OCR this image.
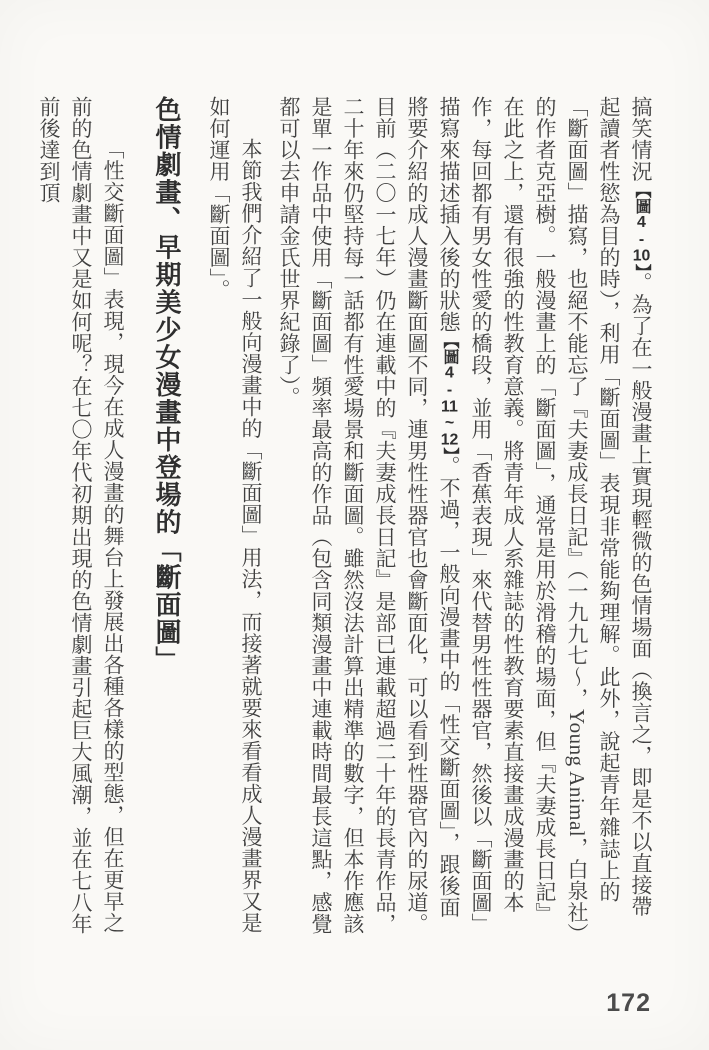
搞笑情況【圖4-10】。為了在一般漫畫上實現輕微的色情場面（換言之，即是不以直接帶起讀者性慾為目的時），利用「斷面圖」表現非常能夠理解。此外，說起青年雜誌上的「斷面圖」描寫，也絕不能忘了『夫妻成長日記』（一九九七～，Young Animal，白泉社）的作者克亞樹。一般漫畫上的「斷面圖」，通常是用於滑稽的場面，但『夫妻成長日記』在此之上，還有很強的性教育意義。將青年成人系雜誌的性教育要素直接畫成漫畫的本作，每回都有男女性愛的橋段，並用「香蕉表現」來代替男性性器官，然後以「斷面圖」描寫來描述插入後的狀態【圖4-11~12】。不過，一般向漫畫中的「性交斷面圖」，跟後面將要介紹的成人漫畫斷面圖不同，連男性性器官也會斷面化，可以看到性器官內的尿道。目前（二〇一七年）仍在連載中的『夫妻成長日記』是部已連載超過二十年的長青作品，二十年來仍堅持每一話都有性愛場景和斷面圖。雖然沒法計算出精準的數字，但本作應該是單一作品中使用「斷面圖」頻率最高的作品（包含同類漫畫中連載時間最長這點，感覺都可以去申請金氏世界紀錄了）。

本節我們介紹了一般向漫畫中的「斷面圖」用法，而接著就要來看看成人漫畫界又是如何運用「斷面圖」。

色情劇畫、早期美少女漫畫中登場的「斷面圖」

「性交斷面圖」表現，現今在成人漫畫的舞台上發展出各種各樣的型態，但在更早之前的色情劇畫中又是如何呢？在七〇年代初期出現的色情劇畫引起巨大風潮，並在七八年前後達到頂

172
